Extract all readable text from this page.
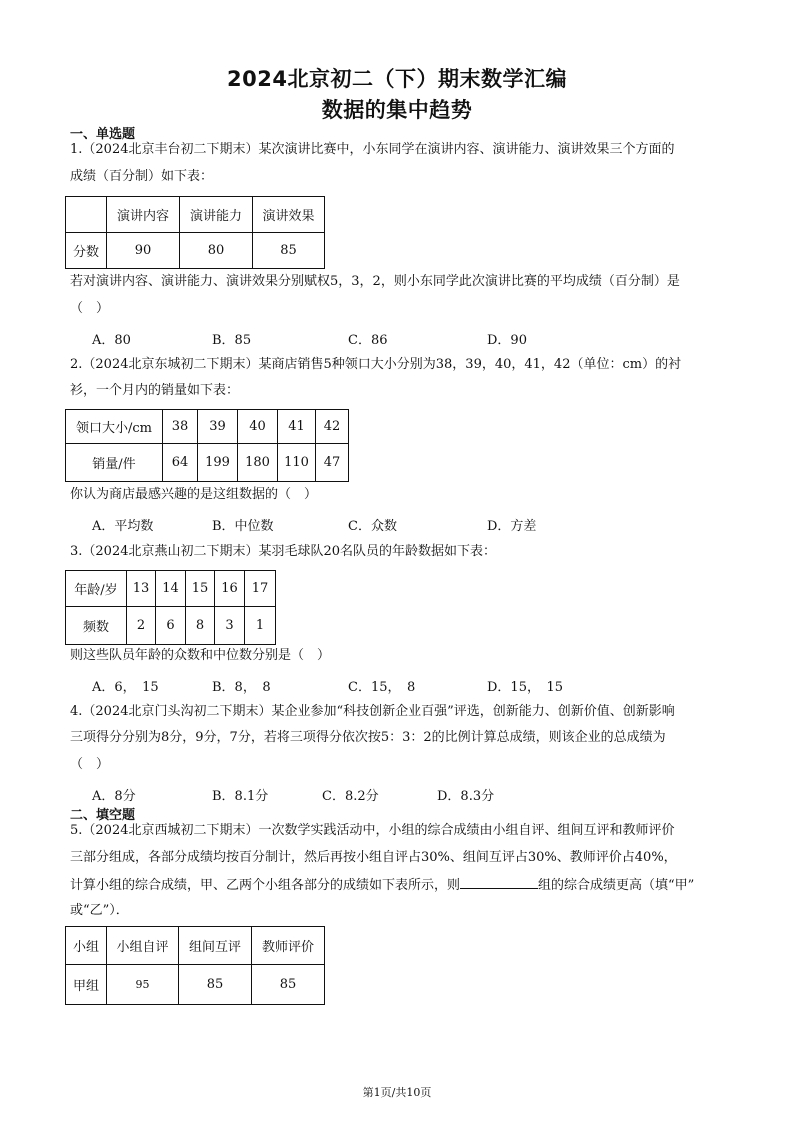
2024北京初二（下）期末数学汇编
数据的集中趋势
一、单选题
1.（2024北京丰台初二下期末）某次演讲比赛中，小东同学在演讲内容、演讲能力、演讲效果三个方面的
成绩（百分制）如下表：
	演讲内容	演讲能力	演讲效果
分数	90	80	85
若对演讲内容、演讲能力、演讲效果分别赋权5，3，2，则小东同学此次演讲比赛的平均成绩（百分制）是
（　）
A．80	B．85	C．86	D．90
2.（2024北京东城初二下期末）某商店销售5种领口大小分别为38，39，40，41，42（单位：cm）的衬
衫，一个月内的销量如下表：
领口大小/cm	38	39	40	41	42
销量/件	64	199	180	110	47
你认为商店最感兴趣的是这组数据的（　）
A．平均数	B．中位数	C．众数	D．方差
3.（2024北京燕山初二下期末）某羽毛球队20名队员的年龄数据如下表：
年龄/岁	13	14	15	16	17
频数	2	6	8	3	1
则这些队员年龄的众数和中位数分别是（　）
A．6，　15	B．8，　8	C．15，　8	D．15，　15
4.（2024北京门头沟初二下期末）某企业参加“科技创新企业百强”评选，创新能力、创新价值、创新影响
三项得分分别为8分，9分，7分，若将三项得分依次按5：3：2的比例计算总成绩，则该企业的总成绩为
（　）
A．8分	B．8.1分	C．8.2分	D．8.3分
二、填空题
5.（2024北京西城初二下期末）一次数学实践活动中，小组的综合成绩由小组自评、组间互评和教师评价
三部分组成，各部分成绩均按百分制计，然后再按小组自评占30%、组间互评占30%、教师评价占40%，
计算小组的综合成绩，甲、乙两个小组各部分的成绩如下表所示，则	组的综合成绩更高（填“甲”
或“乙”）．
小组	小组自评	组间互评	教师评价
甲组	95	85	85
第1页/共10页
